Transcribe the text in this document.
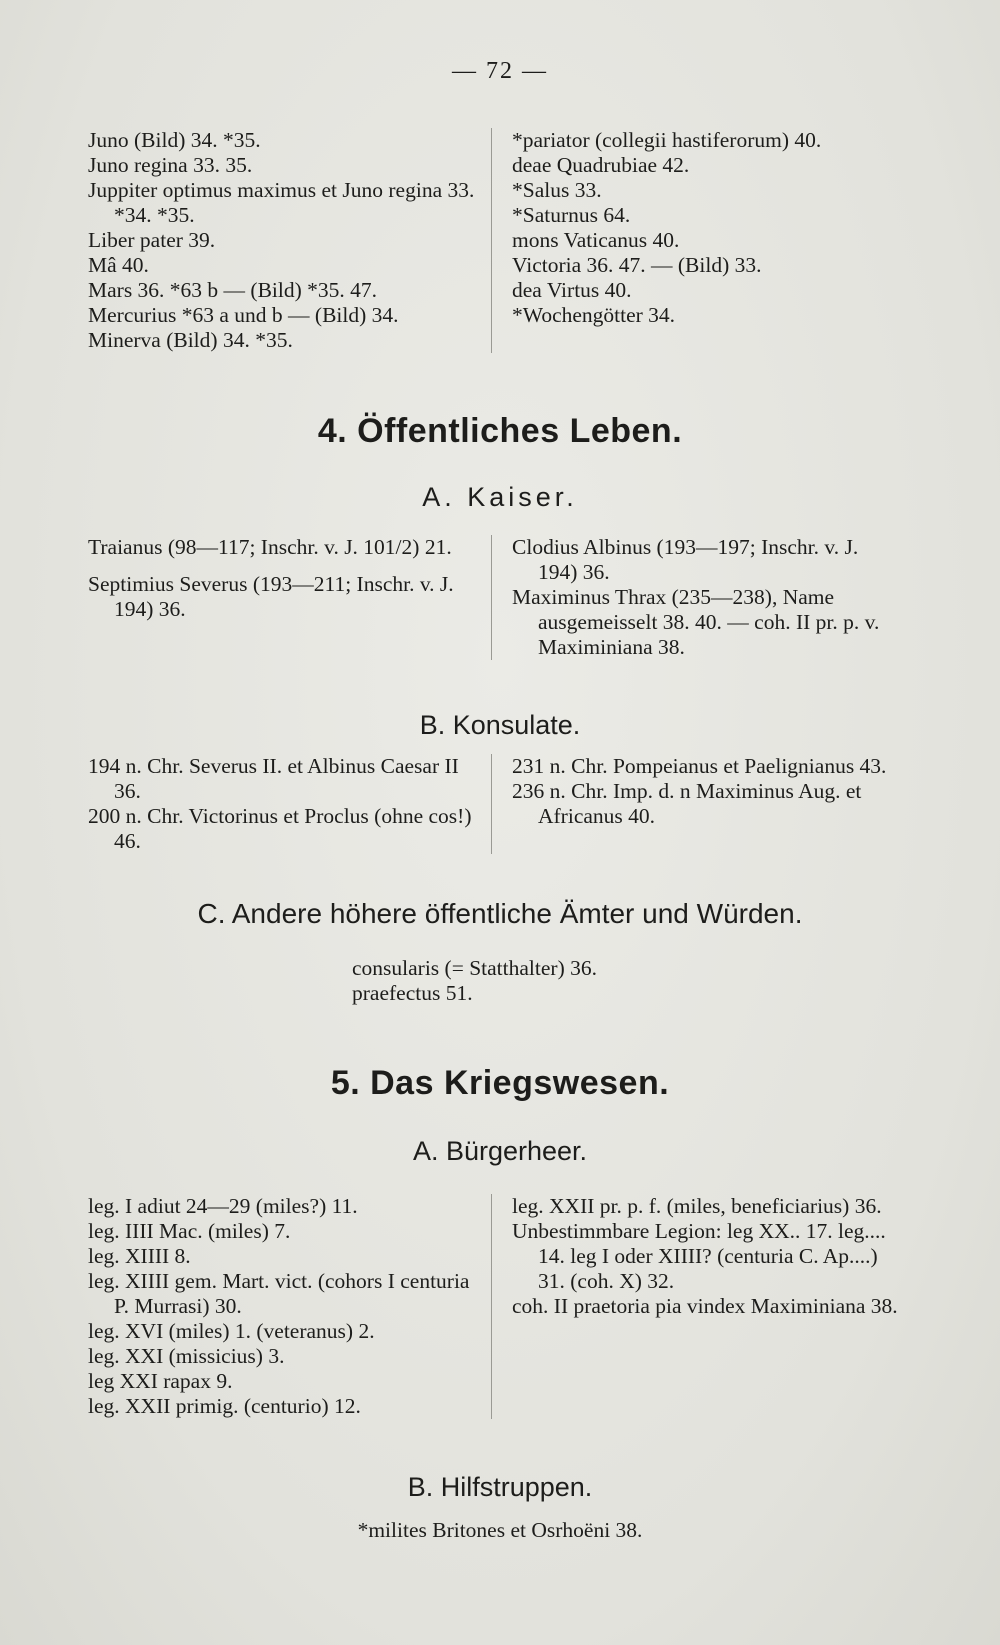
— 72 —
Juno (Bild) 34. *35.
Juno regina 33. 35.
Juppiter optimus maximus et Juno regina 33. *34. *35.
Liber pater 39.
Mâ 40.
Mars 36. *63 b — (Bild) *35. 47.
Mercurius *63 a und b — (Bild) 34.
Minerva (Bild) 34. *35.
*pariator (collegii hastiferorum) 40.
deae Quadrubiae 42.
*Salus 33.
*Saturnus 64.
mons Vaticanus 40.
Victoria 36. 47. — (Bild) 33.
dea Virtus 40.
*Wochengötter 34.
4. Öffentliches Leben.
A. Kaiser.
Traianus (98—117; Inschr. v. J. 101/2) 21.
Septimius Severus (193—211; Inschr. v. J. 194) 36.
Clodius Albinus (193—197; Inschr. v. J. 194) 36.
Maximinus Thrax (235—238), Name ausgemeisselt 38. 40. — coh. II pr. p. v. Maximiniana 38.
B. Konsulate.
194 n. Chr. Severus II. et Albinus Caesar II 36.
200 n. Chr. Victorinus et Proclus (ohne cos!) 46.
231 n. Chr. Pompeianus et Paelignianus 43.
236 n. Chr. Imp. d. n Maximinus Aug. et Africanus 40.
C. Andere höhere öffentliche Ämter und Würden.
consularis (= Statthalter) 36.
praefectus 51.
5. Das Kriegswesen.
A. Bürgerheer.
leg. I adiut 24—29 (miles?) 11.
leg. IIII Mac. (miles) 7.
leg. XIIII 8.
leg. XIIII gem. Mart. vict. (cohors I centuria P. Murrasi) 30.
leg. XVI (miles) 1. (veteranus) 2.
leg. XXI (missicius) 3.
leg XXI rapax 9.
leg. XXII primig. (centurio) 12.
leg. XXII pr. p. f. (miles, beneficiarius) 36.
Unbestimmbare Legion: leg XX.. 17. leg.... 14. leg I oder XIIII? (centuria C. Ap....) 31. (coh. X) 32.
coh. II praetoria pia vindex Maximiniana 38.
B. Hilfstruppen.
*milites Britones et Osrhoëni 38.
